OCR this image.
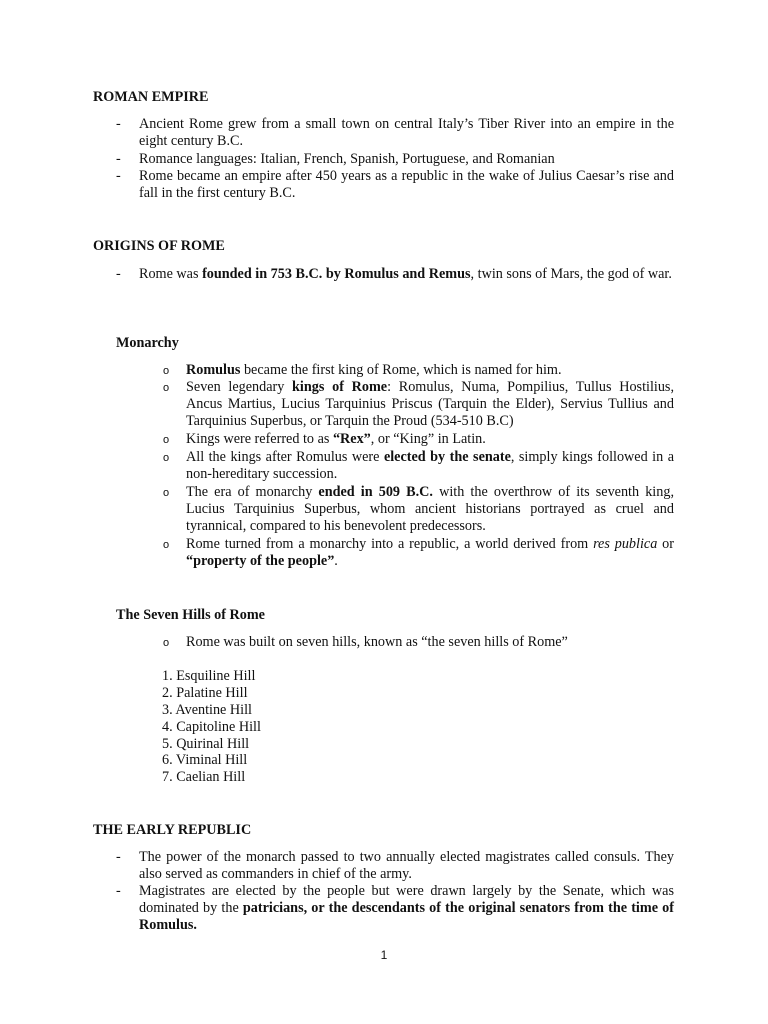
ROMAN EMPIRE
- Ancient Rome grew from a small town on central Italy’s Tiber River into an empire in the eight century B.C.
- Romance languages: Italian, French, Spanish, Portuguese, and Romanian
- Rome became an empire after 450 years as a republic in the wake of Julius Caesar’s rise and fall in the first century B.C.
ORIGINS OF ROME
- Rome was founded in 753 B.C. by Romulus and Remus, twin sons of Mars, the god of war.
Monarchy
o Romulus became the first king of Rome, which is named for him.
o Seven legendary kings of Rome: Romulus, Numa, Pompilius, Tullus Hostilius, Ancus Martius, Lucius Tarquinius Priscus (Tarquin the Elder), Servius Tullius and Tarquinius Superbus, or Tarquin the Proud (534-510 B.C)
o Kings were referred to as “Rex”, or “King” in Latin.
o All the kings after Romulus were elected by the senate, simply kings followed in a non-hereditary succession.
o The era of monarchy ended in 509 B.C. with the overthrow of its seventh king, Lucius Tarquinius Superbus, whom ancient historians portrayed as cruel and tyrannical, compared to his benevolent predecessors.
o Rome turned from a monarchy into a republic, a world derived from res publica or “property of the people”.
The Seven Hills of Rome
o Rome was built on seven hills, known as “the seven hills of Rome”
1. Esquiline Hill
2. Palatine Hill
3. Aventine Hill
4. Capitoline Hill
5. Quirinal Hill
6. Viminal Hill
7. Caelian Hill
THE EARLY REPUBLIC
- The power of the monarch passed to two annually elected magistrates called consuls. They also served as commanders in chief of the army.
- Magistrates are elected by the people but were drawn largely by the Senate, which was dominated by the patricians, or the descendants of the original senators from the time of Romulus.
1
